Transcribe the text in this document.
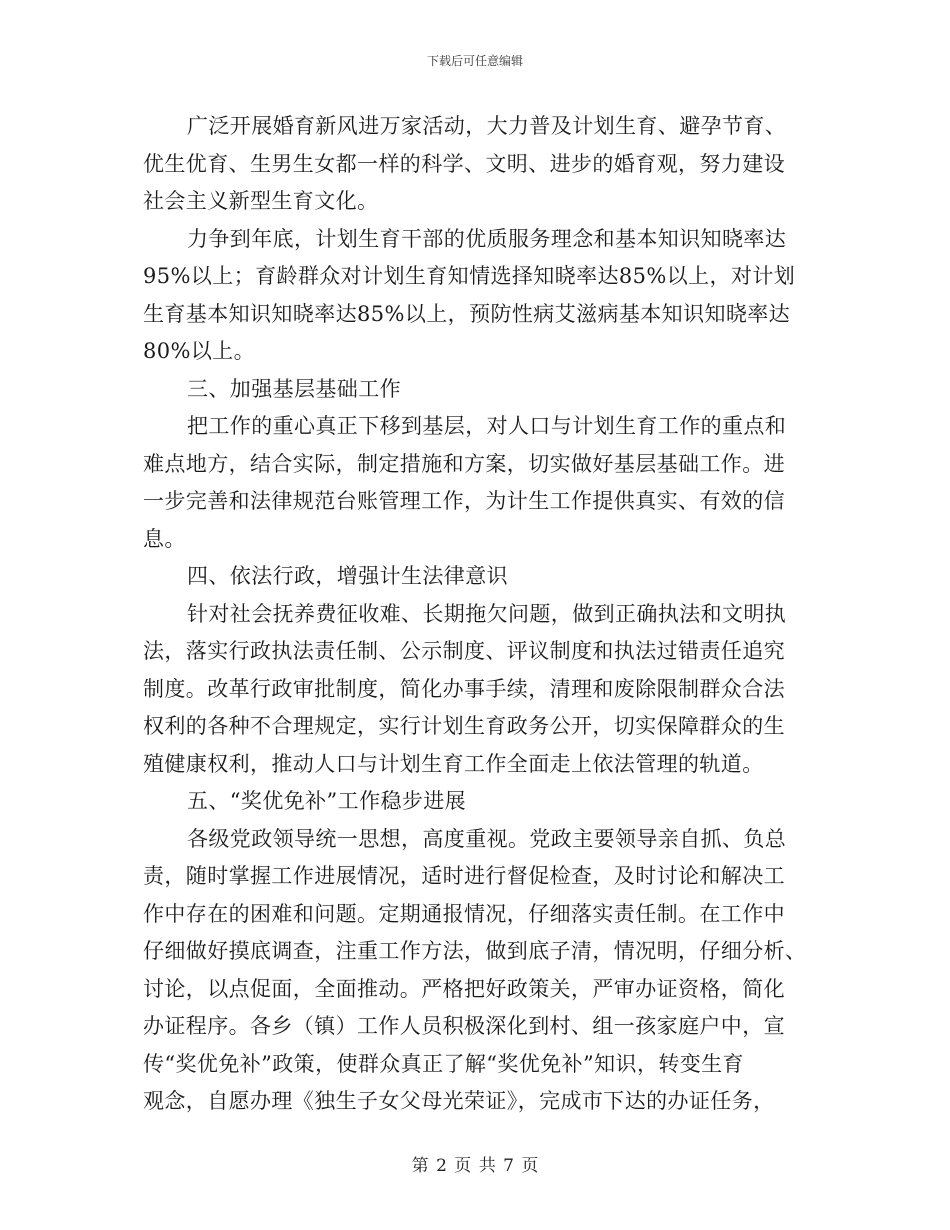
下载后可任意编辑
广泛开展婚育新风进万家活动，大力普及计划生育、避孕节育、
优生优育、生男生女都一样的科学、文明、进步的婚育观，努力建设
社会主义新型生育文化。
力争到年底，计划生育干部的优质服务理念和基本知识知晓率达
95%以上；育龄群众对计划生育知情选择知晓率达85%以上，对计划
生育基本知识知晓率达85%以上，预防性病艾滋病基本知识知晓率达
80%以上。
三、加强基层基础工作
把工作的重心真正下移到基层，对人口与计划生育工作的重点和
难点地方，结合实际，制定措施和方案，切实做好基层基础工作。进
一步完善和法律规范台账管理工作，为计生工作提供真实、有效的信
息。
四、依法行政，增强计生法律意识
针对社会抚养费征收难、长期拖欠问题，做到正确执法和文明执
法，落实行政执法责任制、公示制度、评议制度和执法过错责任追究
制度。改革行政审批制度，简化办事手续，清理和废除限制群众合法
权利的各种不合理规定，实行计划生育政务公开，切实保障群众的生
殖健康权利，推动人口与计划生育工作全面走上依法管理的轨道。
五、“奖优免补”工作稳步进展
各级党政领导统一思想，高度重视。党政主要领导亲自抓、负总
责，随时掌握工作进展情况，适时进行督促检查，及时讨论和解决工
作中存在的困难和问题。定期通报情况，仔细落实责任制。在工作中
仔细做好摸底调查，注重工作方法，做到底子清，情况明，仔细分析、
讨论，以点促面，全面推动。严格把好政策关，严审办证资格，简化
办证程序。各乡（镇）工作人员积极深化到村、组一孩家庭户中，宣
传“奖优免补”政策，使群众真正了解“奖优免补”知识，转变生育
观念，自愿办理《独生子女父母光荣证》，完成市下达的办证任务，
第 2 页 共 7 页
